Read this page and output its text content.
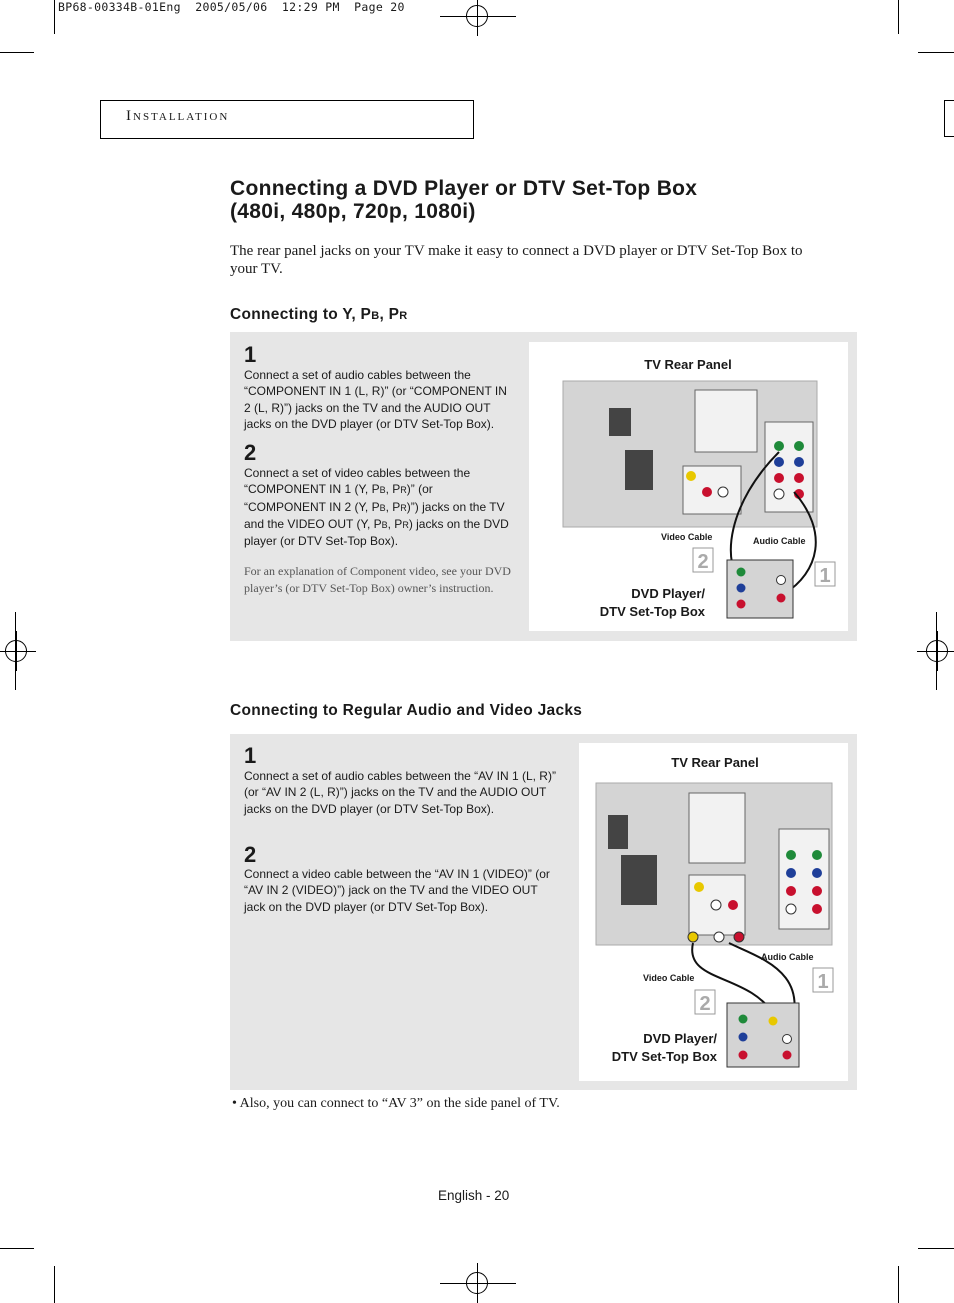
BP68-00334B-01Eng  2005/05/06  12:29 PM  Page 20
Installation
Connecting a DVD Player or DTV Set-Top Box
(480i, 480p, 720p, 1080i)

The rear panel jacks on your TV make it easy to connect a DVD player or DTV Set-Top Box to your TV.

Connecting to Y, PB, PR
1
Connect a set of audio cables between the “COMPONENT IN 1 (L, R)” (or “COMPONENT IN 2 (L, R)”) jacks on the TV and the AUDIO OUT jacks on the DVD player (or DTV Set-Top Box).
2
Connect a set of video cables between the “COMPONENT IN 1 (Y, PB, PR)” (or “COMPONENT IN 2 (Y, PB, PR)”) jacks on the TV and the VIDEO OUT (Y, PB, PR) jacks on the DVD player (or DTV Set-Top Box).
For an explanation of Component video, see your DVD player’s (or DTV Set-Top Box) owner’s instruction.
TV Rear Panel
Video Cable	Audio Cable
2
1
DVD Player/
DTV Set-Top Box
Connecting to Regular Audio and Video Jacks
1
Connect a set of audio cables between the “AV IN 1 (L, R)” (or “AV IN 2 (L, R)”) jacks on the TV and the AUDIO OUT jacks on the DVD player (or DTV Set-Top Box).
2
Connect a video cable between the “AV IN 1 (VIDEO)” (or “AV IN 2 (VIDEO)”) jack on the TV and the VIDEO OUT jack on the DVD player (or DTV Set-Top Box).
TV Rear Panel
Audio Cable
Video Cable	1
2
DVD Player/
DTV Set-Top Box
• Also, you can connect to “AV 3” on the side panel of TV.
English - 20
